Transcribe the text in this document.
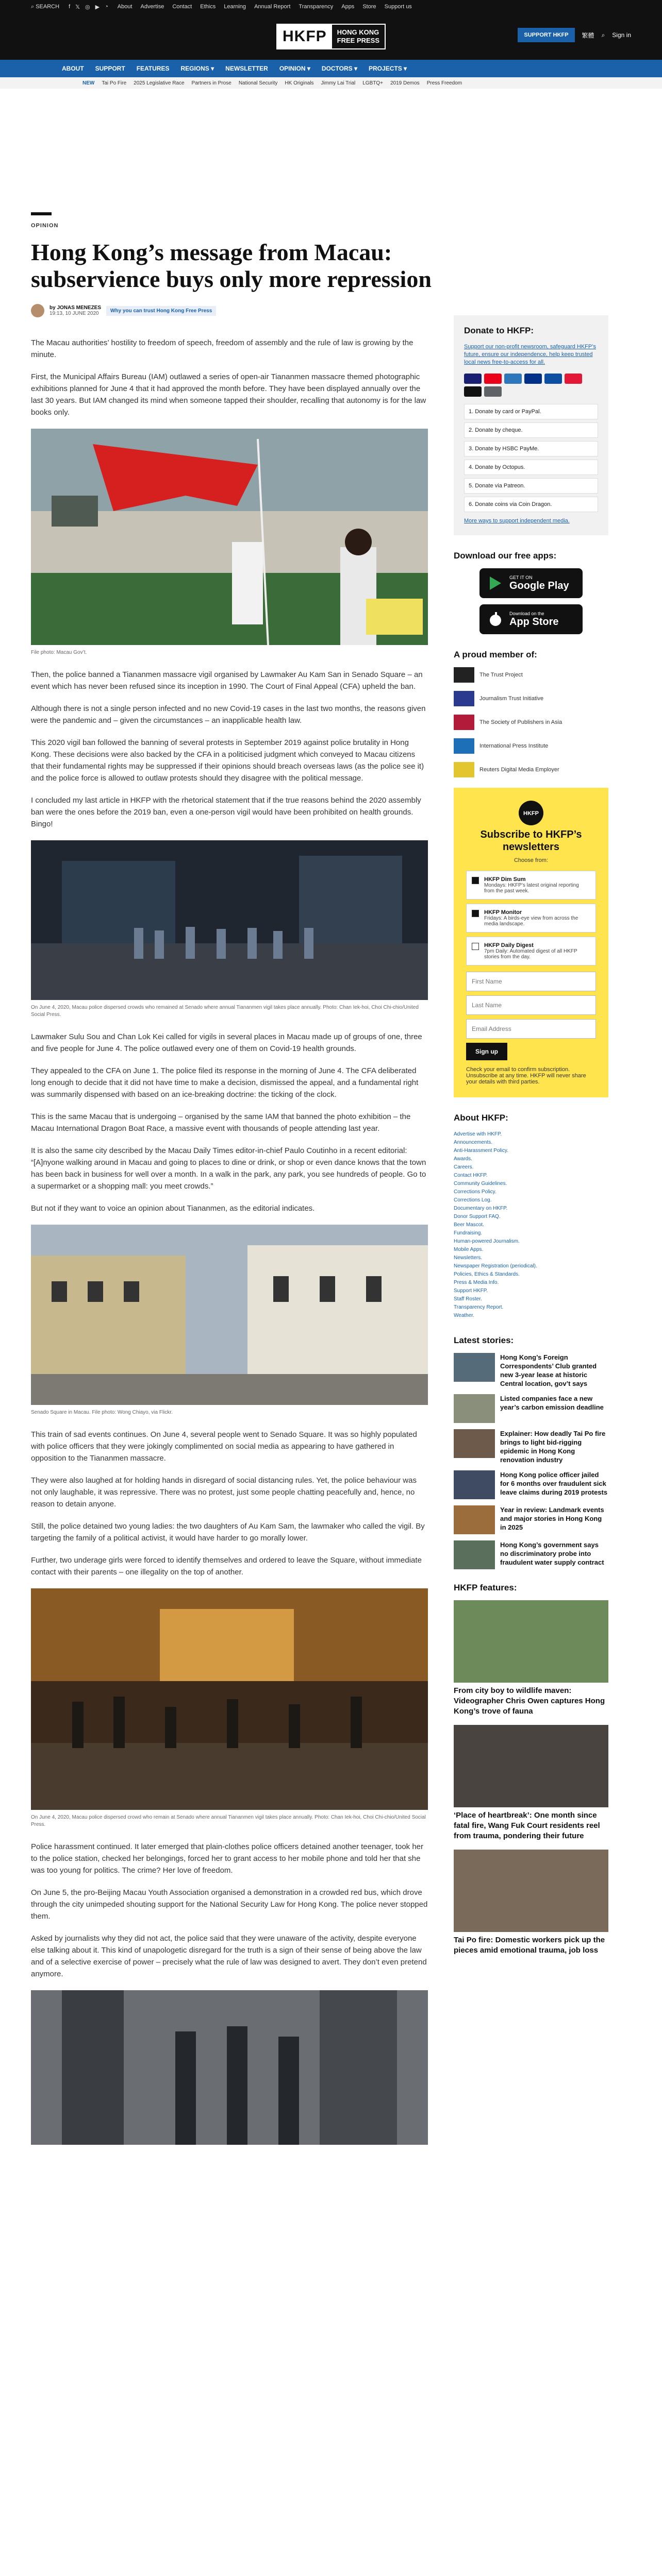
⌕ SEARCH f 𝕏 ◎ ▶ ◔ About Advertise Contact Ethics Learning Annual Report Transparency Apps Store Support us
HKFP	HONG KONG
FREE PRESS
SUPPORT HKFP	繁體 ⌕ Sign in
ABOUT SUPPORT FEATURES REGIONS ▾ NEWSLETTER OPINION ▾ DOCTORS ▾ PROJECTS ▾
NEW Tai Po Fire 2025 Legislative Race Partners in Prose National Security HK Originals Jimmy Lai Trial LGBTQ+ 2019 Demos Press Freedom
OPINION
Hong Kong’s message from Macau: subservience buys only more repression
by JONAS MENEZES
19:13, 10 JUNE 2020	Why you can trust Hong Kong Free Press

The Macau authorities’ hostility to freedom of speech, freedom of assembly and the rule of law is growing by the minute.

First, the Municipal Affairs Bureau (IAM) outlawed a series of open-air Tiananmen massacre themed photographic exhibitions planned for June 4 that it had approved the month before. They have been displayed annually over the last 30 years. But IAM changed its mind when someone tapped their shoulder, recalling that autonomy is for the law books only.

File photo: Macau Gov’t.

Then, the police banned a Tiananmen massacre vigil organised by Lawmaker Au Kam San in Senado Square – an event which has never been refused since its inception in 1990. The Court of Final Appeal (CFA) upheld the ban.

Although there is not a single person infected and no new Covid-19 cases in the last two months, the reasons given were the pandemic and – given the circumstances – an inapplicable health law.

This 2020 vigil ban followed the banning of several protests in September 2019 against police brutality in Hong Kong. These decisions were also backed by the CFA in a politicised judgment which conveyed to Macau citizens that their fundamental rights may be suppressed if their opinions should breach overseas laws (as the police see it) and the police force is allowed to outlaw protests should they disagree with the political message.

I concluded my last article in HKFP with the rhetorical statement that if the true reasons behind the 2020 assembly ban were the ones before the 2019 ban, even a one-person vigil would have been prohibited on health grounds. Bingo!

On June 4, 2020, Macau police dispersed crowds who remained at Senado where annual Tiananmen vigil takes place annually. Photo: Chan Iek-hoi, Choi Chi-chio/United Social Press.

Lawmaker Sulu Sou and Chan Lok Kei called for vigils in several places in Macau made up of groups of one, three and five people for June 4. The police outlawed every one of them on Covid-19 health grounds.

They appealed to the CFA on June 1. The police filed its response in the morning of June 4. The CFA deliberated long enough to decide that it did not have time to make a decision, dismissed the appeal, and a fundamental right was summarily dispensed with based on an ice-breaking doctrine: the ticking of the clock.

This is the same Macau that is undergoing – organised by the same IAM that banned the photo exhibition – the Macau International Dragon Boat Race, a massive event with thousands of people attending last year.

It is also the same city described by the Macau Daily Times editor-in-chief Paulo Coutinho in a recent editorial: “[A]nyone walking around in Macau and going to places to dine or drink, or shop or even dance knows that the town has been back in business for well over a month. In a walk in the park, any park, you see hundreds of people. Go to a supermarket or a shopping mall: you meet crowds.”

But not if they want to voice an opinion about Tiananmen, as the editorial indicates.

Senado Square in Macau. File photo: Wong Chiayo, via Flickr.

This train of sad events continues. On June 4, several people went to Senado Square. It was so highly populated with police officers that they were jokingly complimented on social media as appearing to have gathered in opposition to the Tiananmen massacre.

They were also laughed at for holding hands in disregard of social distancing rules. Yet, the police behaviour was not only laughable, it was repressive. There was no protest, just some people chatting peacefully and, hence, no reason to detain anyone.

Still, the police detained two young ladies: the two daughters of Au Kam Sam, the lawmaker who called the vigil. By targeting the family of a political activist, it would have harder to go morally lower.

Further, two underage girls were forced to identify themselves and ordered to leave the Square, without immediate contact with their parents – one illegality on the top of another.

On June 4, 2020, Macau police dispersed crowd who remain at Senado where annual Tiananmen vigil takes place annually. Photo: Chan Iek-hoi, Choi Chi-chio/United Social Press.

Police harassment continued. It later emerged that plain-clothes police officers detained another teenager, took her to the police station, checked her belongings, forced her to grant access to her mobile phone and told her that she was too young for politics. The crime? Her love of freedom.

On June 5, the pro-Beijing Macau Youth Association organised a demonstration in a crowded red bus, which drove through the city unimpeded shouting support for the National Security Law for Hong Kong. The police never stopped them.

Asked by journalists why they did not act, the police said that they were unaware of the activity, despite everyone else talking about it. This kind of unapologetic disregard for the truth is a sign of their sense of being above the law and of a selective exercise of power – precisely what the rule of law was designed to avert. They don’t even pretend anymore.

Donate to HKFP:
Support our non-profit newsroom, safeguard HKFP’s future, ensure our independence, help keep trusted local news free-to-access for all.
1. Donate by card or PayPal.
2. Donate by cheque.
3. Donate by HSBC PayMe.
4. Donate by Octopus.
5. Donate via Patreon.
6. Donate coins via Coin Dragon.
More ways to support independent media.
Download our free apps:
GET IT ON
Google Play
Download on the
App Store
A proud member of:
The Trust Project
Journalism Trust Initiative
The Society of Publishers in Asia
International Press Institute
Reuters Digital Media Employer
HKFP
Subscribe to HKFP’s newsletters
Choose from:
HKFP Dim Sum
Mondays: HKFP’s latest original reporting from the past week.
HKFP Monitor
Fridays: A birds-eye view from across the media landscape.
HKFP Daily Digest
7pm Daily: Automated digest of all HKFP stories from the day.
First Name
Last Name
Email Address
Sign up
Check your email to confirm subscription. Unsubscribe at any time. HKFP will never share your details with third parties.
About HKFP:
Advertise with HKFP.
Announcements.
Anti-Harassment Policy.
Awards.
Careers.
Contact HKFP.
Community Guidelines.
Corrections Policy.
Corrections Log.
Documentary on HKFP.
Donor Support FAQ.
Beer Mascot.
Fundraising.
Human-powered Journalism.
Mobile Apps.
Newsletters.
Newspaper Registration (periodical).
Policies, Ethics & Standards.
Press & Media Info.
Support HKFP.
Staff Roster.
Transparency Report.
Weather.
Latest stories:
Hong Kong’s Foreign Correspondents’ Club granted new 3-year lease at historic Central location, gov’t says
Listed companies face a new year’s carbon emission deadline
Explainer: How deadly Tai Po fire brings to light bid-rigging epidemic in Hong Kong renovation industry
Hong Kong police officer jailed for 6 months over fraudulent sick leave claims during 2019 protests
Year in review: Landmark events and major stories in Hong Kong in 2025
Hong Kong’s government says no discriminatory probe into fraudulent water supply contract
HKFP features:
From city boy to wildlife maven: Videographer Chris Owen captures Hong Kong’s trove of fauna
‘Place of heartbreak’: One month since fatal fire, Wang Fuk Court residents reel from trauma, pondering their future
Tai Po fire: Domestic workers pick up the pieces amid emotional trauma, job loss
